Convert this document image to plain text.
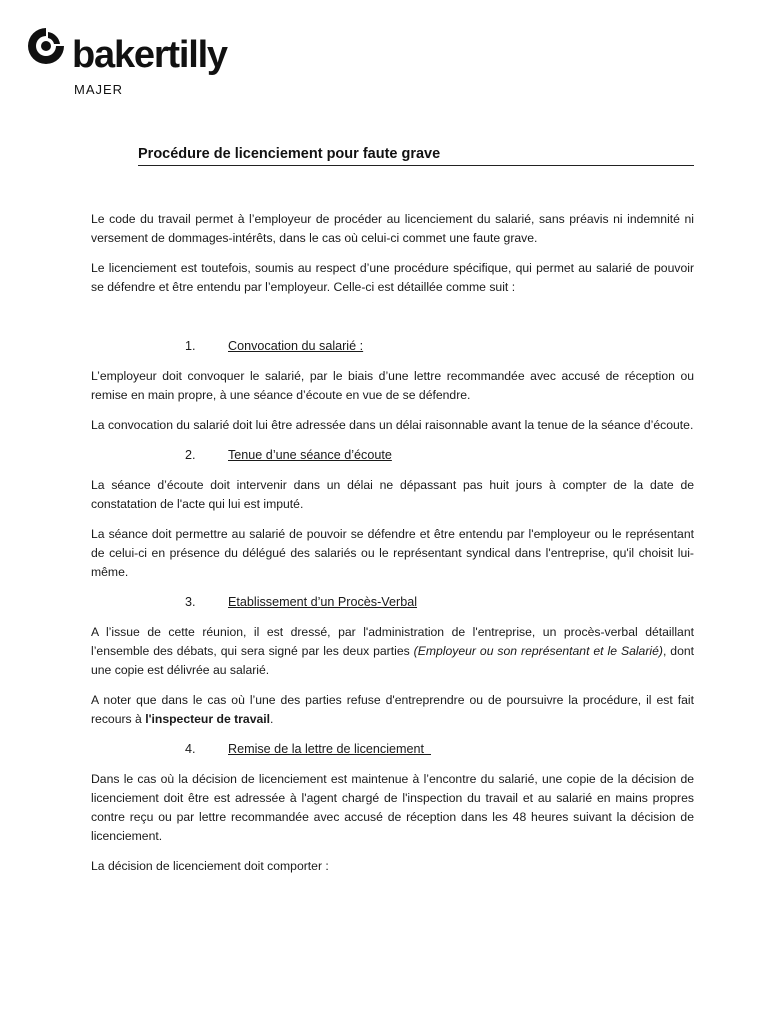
bakertilly
MAJER
Procédure de licenciement pour faute grave

Le code du travail permet à l’employeur de procéder au licenciement du salarié, sans préavis ni indemnité ni versement de dommages-intérêts, dans le cas où celui-ci commet une faute grave.

Le licenciement est toutefois, soumis au respect d’une procédure spécifique, qui permet au salarié de pouvoir se défendre et être entendu par l’employeur. Celle-ci est détaillée comme suit :

1.	Convocation du salarié :

L’employeur doit convoquer le salarié, par le biais d’une lettre recommandée avec accusé de réception ou remise en main propre, à une séance d’écoute en vue de se défendre.

La convocation du salarié doit lui être adressée dans un délai raisonnable avant la tenue de la séance d’écoute.

2.	Tenue d’une séance d’écoute

La séance d’écoute doit intervenir dans un délai ne dépassant pas huit jours à compter de la date de constatation de l'acte qui lui est imputé.

La séance doit permettre au salarié de pouvoir se défendre et être entendu par l'employeur ou le représentant de celui-ci en présence du délégué des salariés ou le représentant syndical dans l'entreprise, qu'il choisit lui-même.

3.	Etablissement d’un Procès-Verbal

A l’issue de cette réunion, il est dressé, par l'administration de l'entreprise, un procès-verbal détaillant l’ensemble des débats, qui sera signé par les deux parties (Employeur ou son représentant et le Salarié), dont une copie est délivrée au salarié.

A noter que dans le cas où l’une des parties refuse d'entreprendre ou de poursuivre la procédure, il est fait recours à l'inspecteur de travail.

4.	Remise de la lettre de licenciement

Dans le cas où la décision de licenciement est maintenue à l’encontre du salarié, une copie de la décision de licenciement doit être est adressée à l'agent chargé de l'inspection du travail et au salarié en mains propres contre reçu ou par lettre recommandée avec accusé de réception dans les 48 heures suivant la décision de licenciement.

La décision de licenciement doit comporter :
